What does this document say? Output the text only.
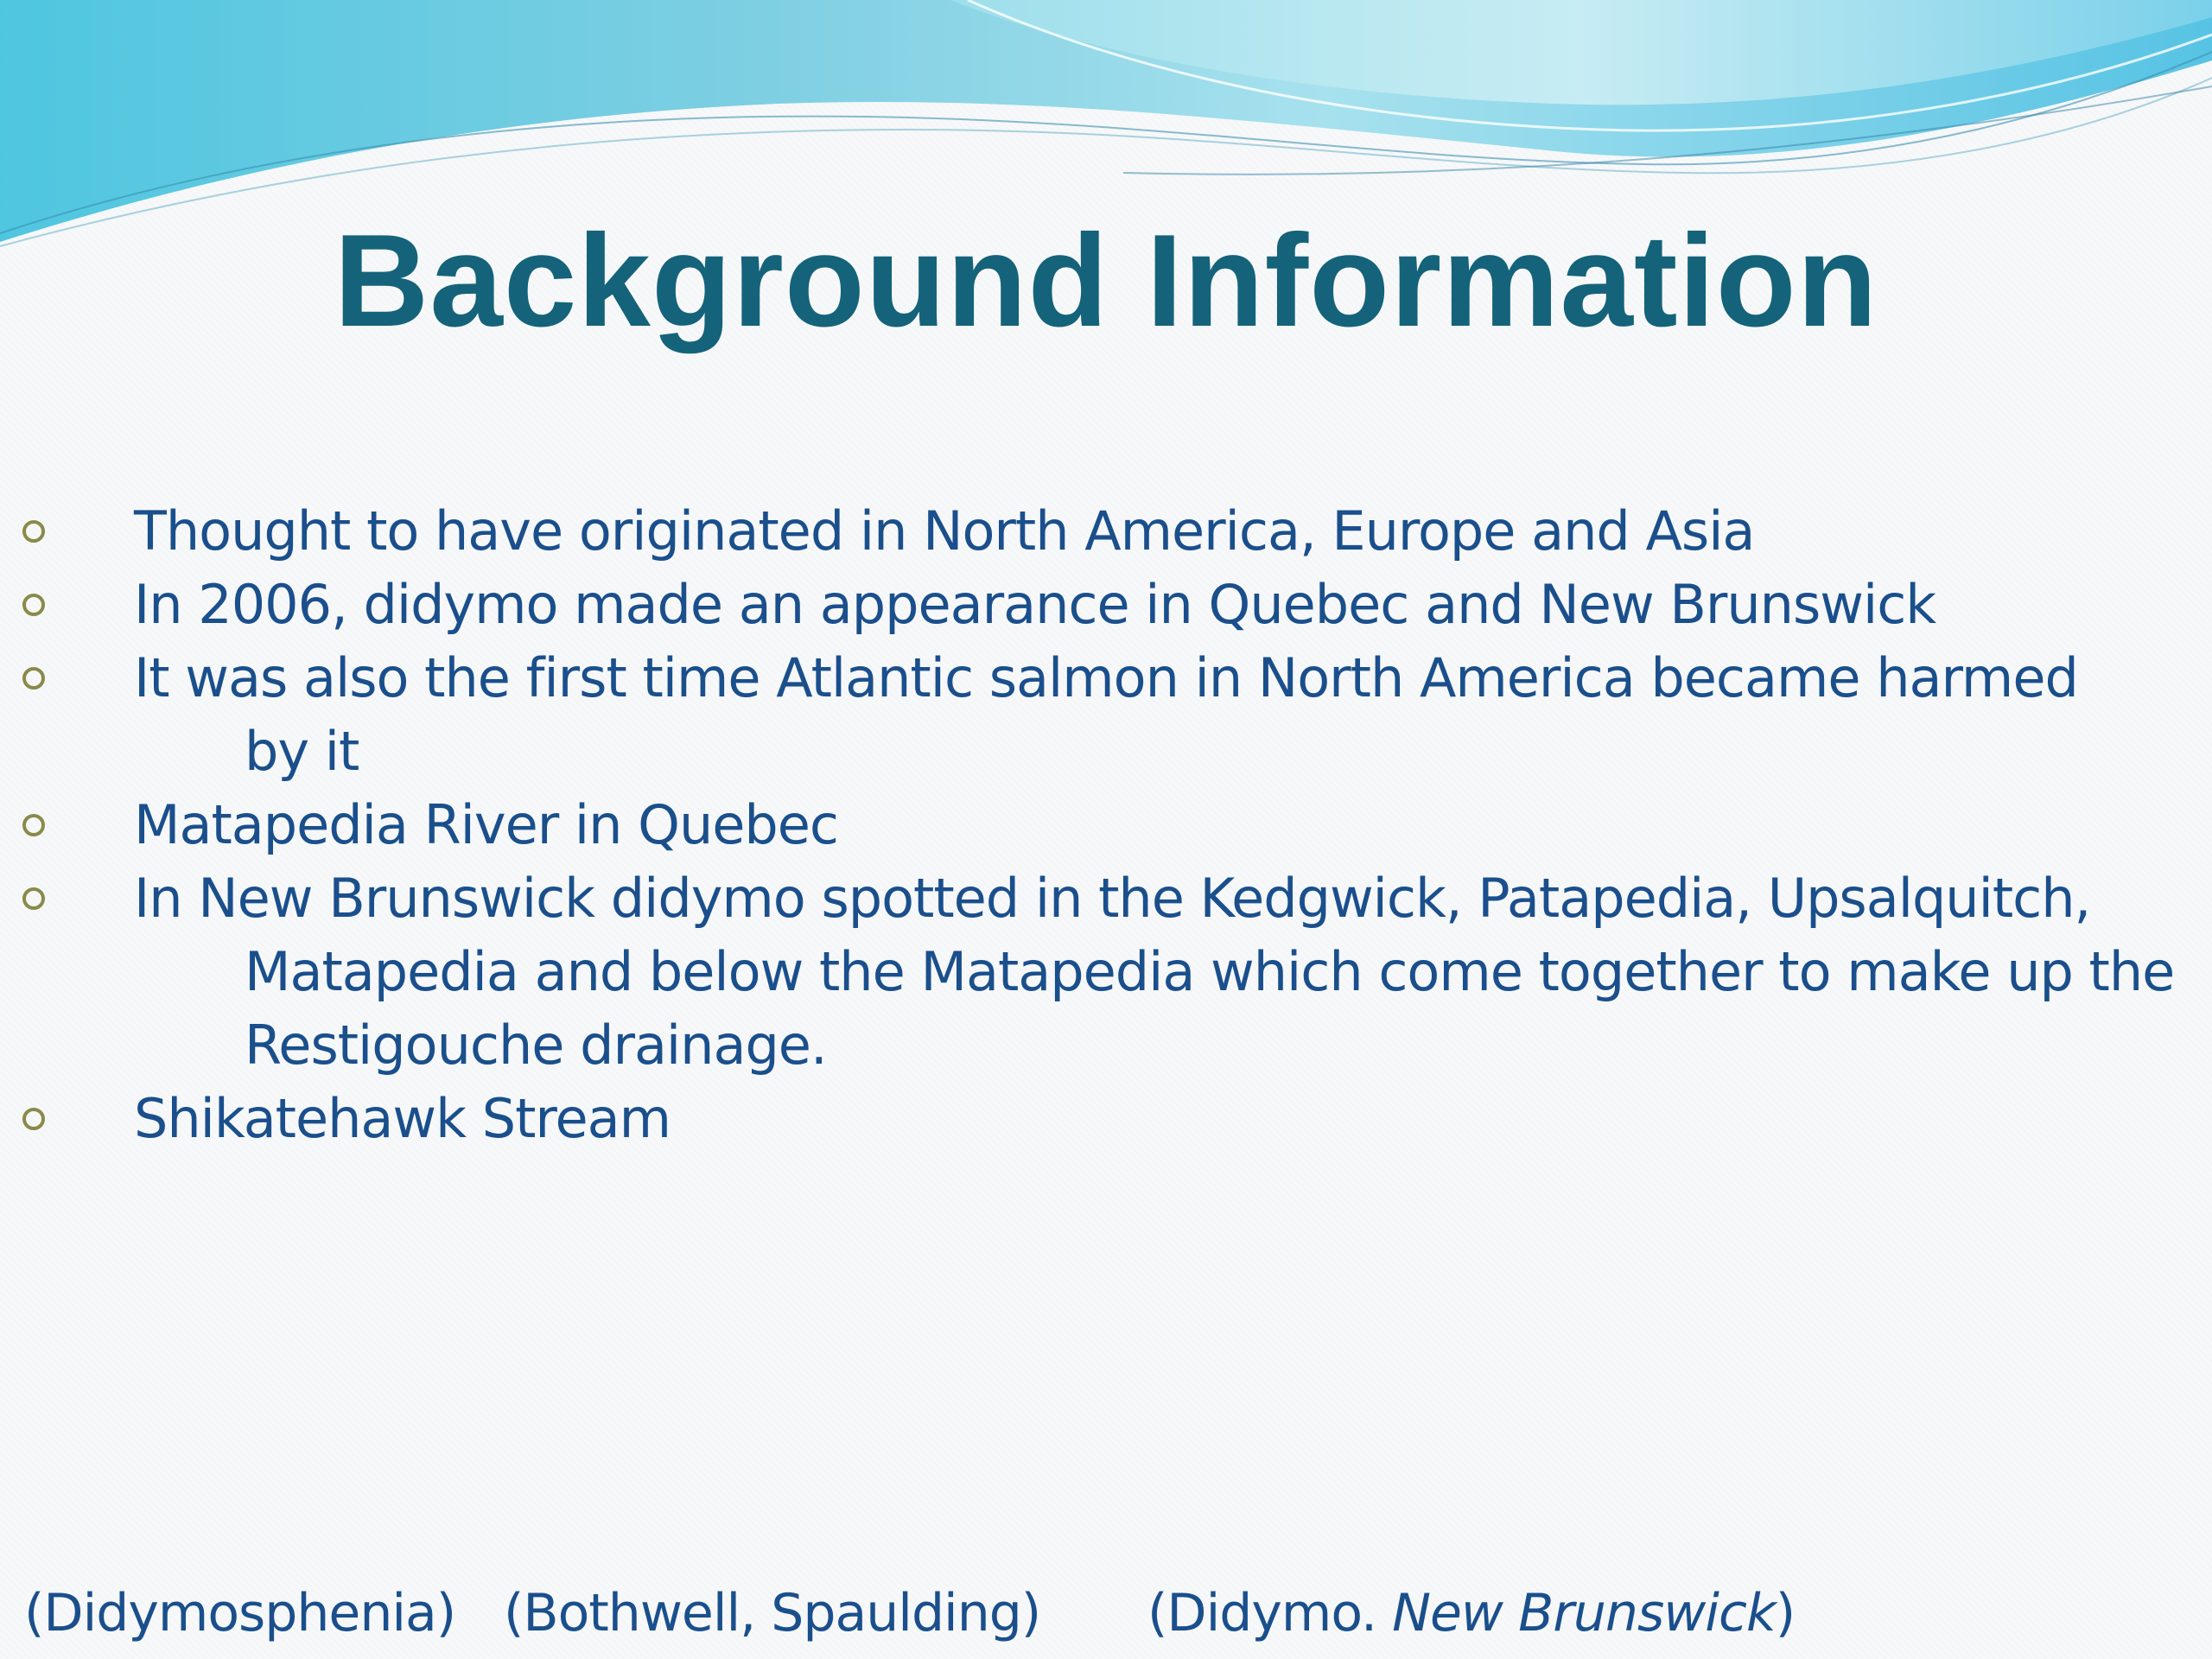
Background Information
Thought to have originated in North America, Europe and Asia
In 2006, didymo made an appearance in Quebec and New Brunswick
It was also the first time Atlantic salmon in North America became harmed
by it
Matapedia River in Quebec
In New Brunswick didymo spotted in the Kedgwick, Patapedia, Upsalquitch,
Matapedia and below the Matapedia which come together to make up the Restigouche drainage.
Shikatehawk Stream
(Didymosphenia) (Bothwell, Spaulding) (Didymo. New Brunswick)
